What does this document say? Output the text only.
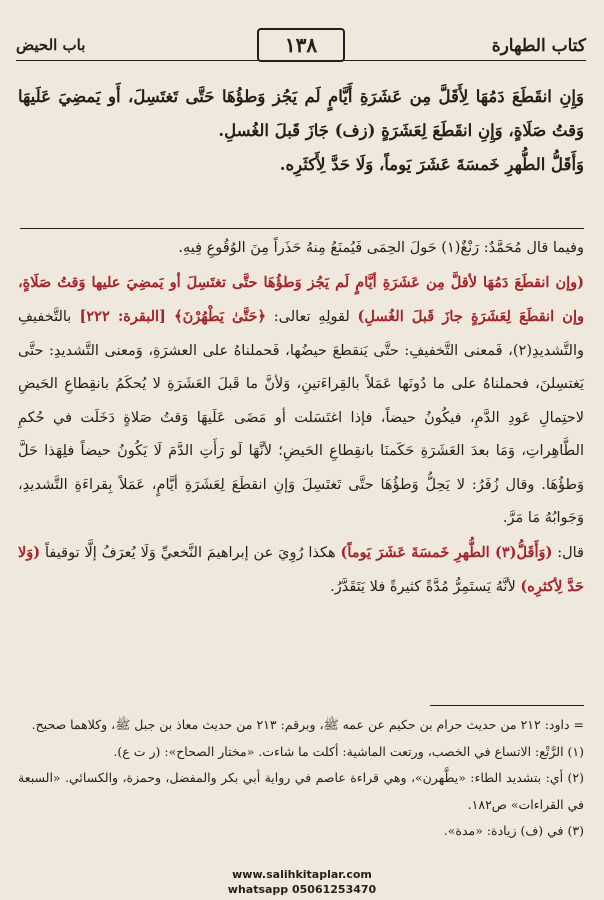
كتاب الطهارة
١٣٨
باب الحيض

وَإِنِ انقَطَعَ دَمُهَا لِأَقَلَّ مِن عَشَرَةِ أَيَّامٍ لَم يَجُز وَطؤُهَا حَتَّى تَغتَسِلَ، أَو يَمضِيَ عَلَيهَا وَقتُ صَلَاةٍ، وَإِنِ انقَطَعَ لِعَشَرَةٍ (زف) جَازَ قَبلَ الغُسلِ.

وَأَقَلُّ الطُّهرِ خَمسَةَ عَشَرَ يَوماً، وَلَا حَدَّ لِأَكثَرِه.

وفيما قال مُحَمَّدٌ: رَنْغٌ(١) حَولَ الحِمَى فَيُمنَعُ مِنهُ حَذَراً مِنَ الوُقُوعِ فِيهِ.

(وإن انقطَعَ دَمُهَا لأقلَّ مِن عَشَرَةِ أيَّامٍ لَم يَجُز وَطؤُهَا حتَّى تغتَسِلَ أو يَمضِيَ عليها وَقتُ صَلَاةٍ، وإن انقطَعَ لِعَشَرَةٍ جازَ قَبلَ الغُسلِ) لقولِهِ تعالى: ﴿حَتَّىٰ يَطْهُرْنَ﴾ [البقرة: ٢٢٢] بالتَّخفيفِ والتَّشديدِ(٢)، فَمعنى التَّخفيفِ: حتَّى يَنقطعَ حيضُها، فَحملناهُ على العشرَةِ، وَمعنى التَّشديدِ: حتَّى يَغتسِلنَ، فحملناهُ على ما دُونَها عَمَلاً بالقِراءَتينِ، وَلأنَّ ما قَبلَ العَشَرَةِ لا يُحكَمُ بانقِطاعِ الحَيضِ لاحتِمالِ عَودِ الدَّمِ، فيكُونُ حيضاً، فإذا اغتَسَلت أو مَضَى عَلَيهَا وَقتُ صَلاةٍ دَخَلَت في حُكمِ الطَّاهِراتِ، وَمَا بعدَ العَشَرَةِ حَكَمنَا بانقِطاعِ الحَيضِ؛ لأنَّهَا لَو رَأَتِ الدَّمَ لَا يَكُونُ حيضاً فلِهَذا حَلَّ وَطؤُهَا. وقال زُفَرُ: لا يَحِلُّ وَطؤُهَا حتَّى تَغتَسِلَ وَإنِ انقطَعَ لِعَشَرَةِ أيَّامٍ، عَمَلاً بِقراءَةِ التَّشديدِ، وَجَوابُهُ مَا مَرَّ.

قال: (وَأَقَلُّ(٣) الطُّهرِ خَمسَةَ عَشَرَ يَوماً) هكذا رُوِيَ عن إبراهيمَ النَّخعيِّ وَلَا يُعرَفُ إلَّا توقيفاً (وَلا حَدَّ لِأكثرِه) لأنَّهُ يَستَمِرُّ مُدَّةً كثيرةً فلا يَتَقَدَّرُ.

= داود: ٢١٢ من حديث حرام بن حكيم عن عمه ﷺ، وبرقم: ٢١٣ من حديث معاذ بن جبل ﷺ، وكلاهما صحيح.

(١) الرَّتْع: الاتساع في الخصب، ورتعت الماشية: أكلت ما شاءت. «مختار الصحاح»: (ر ت ع).

(٢) أي: بتشديد الطاء: «يطَّهرن»، وهي قراءة عاصم في رواية أبي بكر والمفضل، وحمزة، والكسائي. «السبعة في القراءات» ص١٨٢.

(٣) في (ف) زيادة: «مدة».

www.salihkitaplar.com
whatsapp 05061253470
